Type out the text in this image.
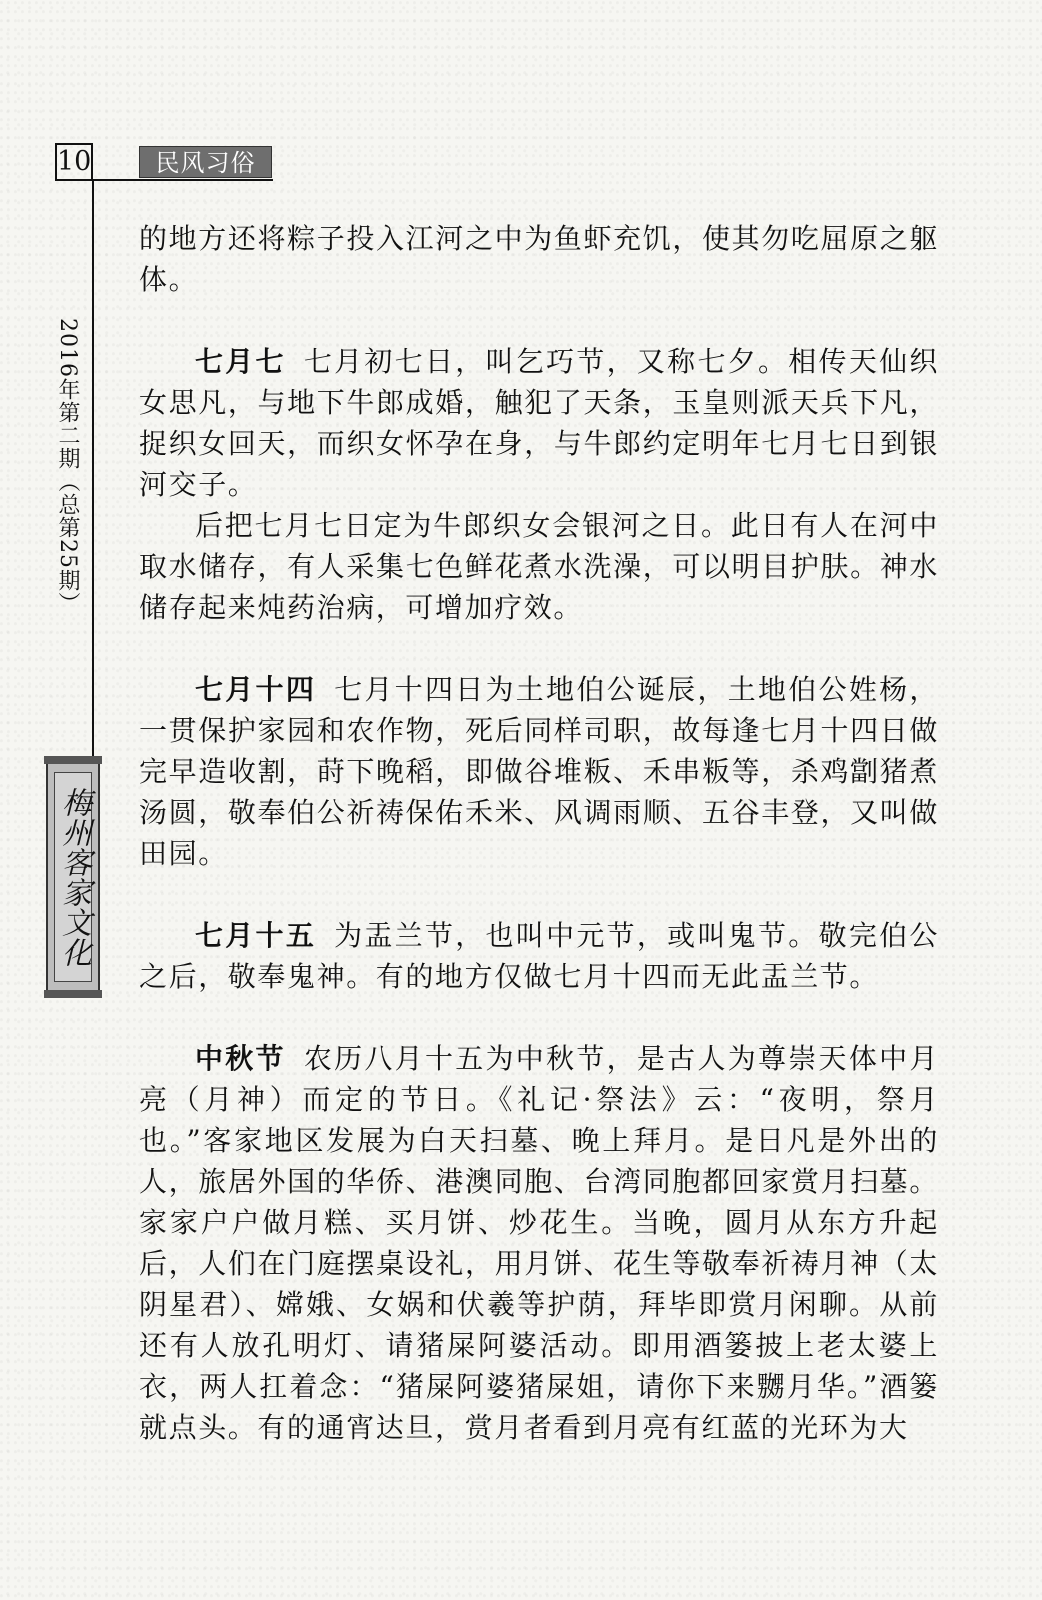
10	民风习俗
2016年第二期（总第25期）
梅州客家文化

的地方还将粽子投入江河之中为鱼虾充饥，使其勿吃屈原之躯体。

七月七 七月初七日，叫乞巧节，又称七夕。相传天仙织女思凡，与地下牛郎成婚，触犯了天条，玉皇则派天兵下凡，捉织女回天，而织女怀孕在身，与牛郎约定明年七月七日到银河交子。

后把七月七日定为牛郎织女会银河之日。此日有人在河中取水储存，有人采集七色鲜花煮水洗澡，可以明目护肤。神水储存起来炖药治病，可增加疗效。

七月十四 七月十四日为土地伯公诞辰，土地伯公姓杨，一贯保护家园和农作物，死后同样司职，故每逢七月十四日做完早造收割，莳下晚稻，即做谷堆粄、禾串粄等，杀鸡劏猪煮汤圆，敬奉伯公祈祷保佑禾米、风调雨顺、五谷丰登，又叫做田园。

七月十五 为盂兰节，也叫中元节，或叫鬼节。敬完伯公之后，敬奉鬼神。有的地方仅做七月十四而无此盂兰节。

中秋节 农历八月十五为中秋节，是古人为尊崇天体中月亮（月神）而定的节日。《礼记·祭法》云：“夜明，祭月也。”客家地区发展为白天扫墓、晚上拜月。是日凡是外出的人，旅居外国的华侨、港澳同胞、台湾同胞都回家赏月扫墓。家家户户做月糕、买月饼、炒花生。当晚，圆月从东方升起后，人们在门庭摆桌设礼，用月饼、花生等敬奉祈祷月神（太阴星君）、嫦娥、女娲和伏羲等护荫，拜毕即赏月闲聊。从前还有人放孔明灯、请猪屎阿婆活动。即用酒篓披上老太婆上衣，两人扛着念：“猪屎阿婆猪屎姐，请你下来嬲月华。”酒篓就点头。有的通宵达旦，赏月者看到月亮有红蓝的光环为大
